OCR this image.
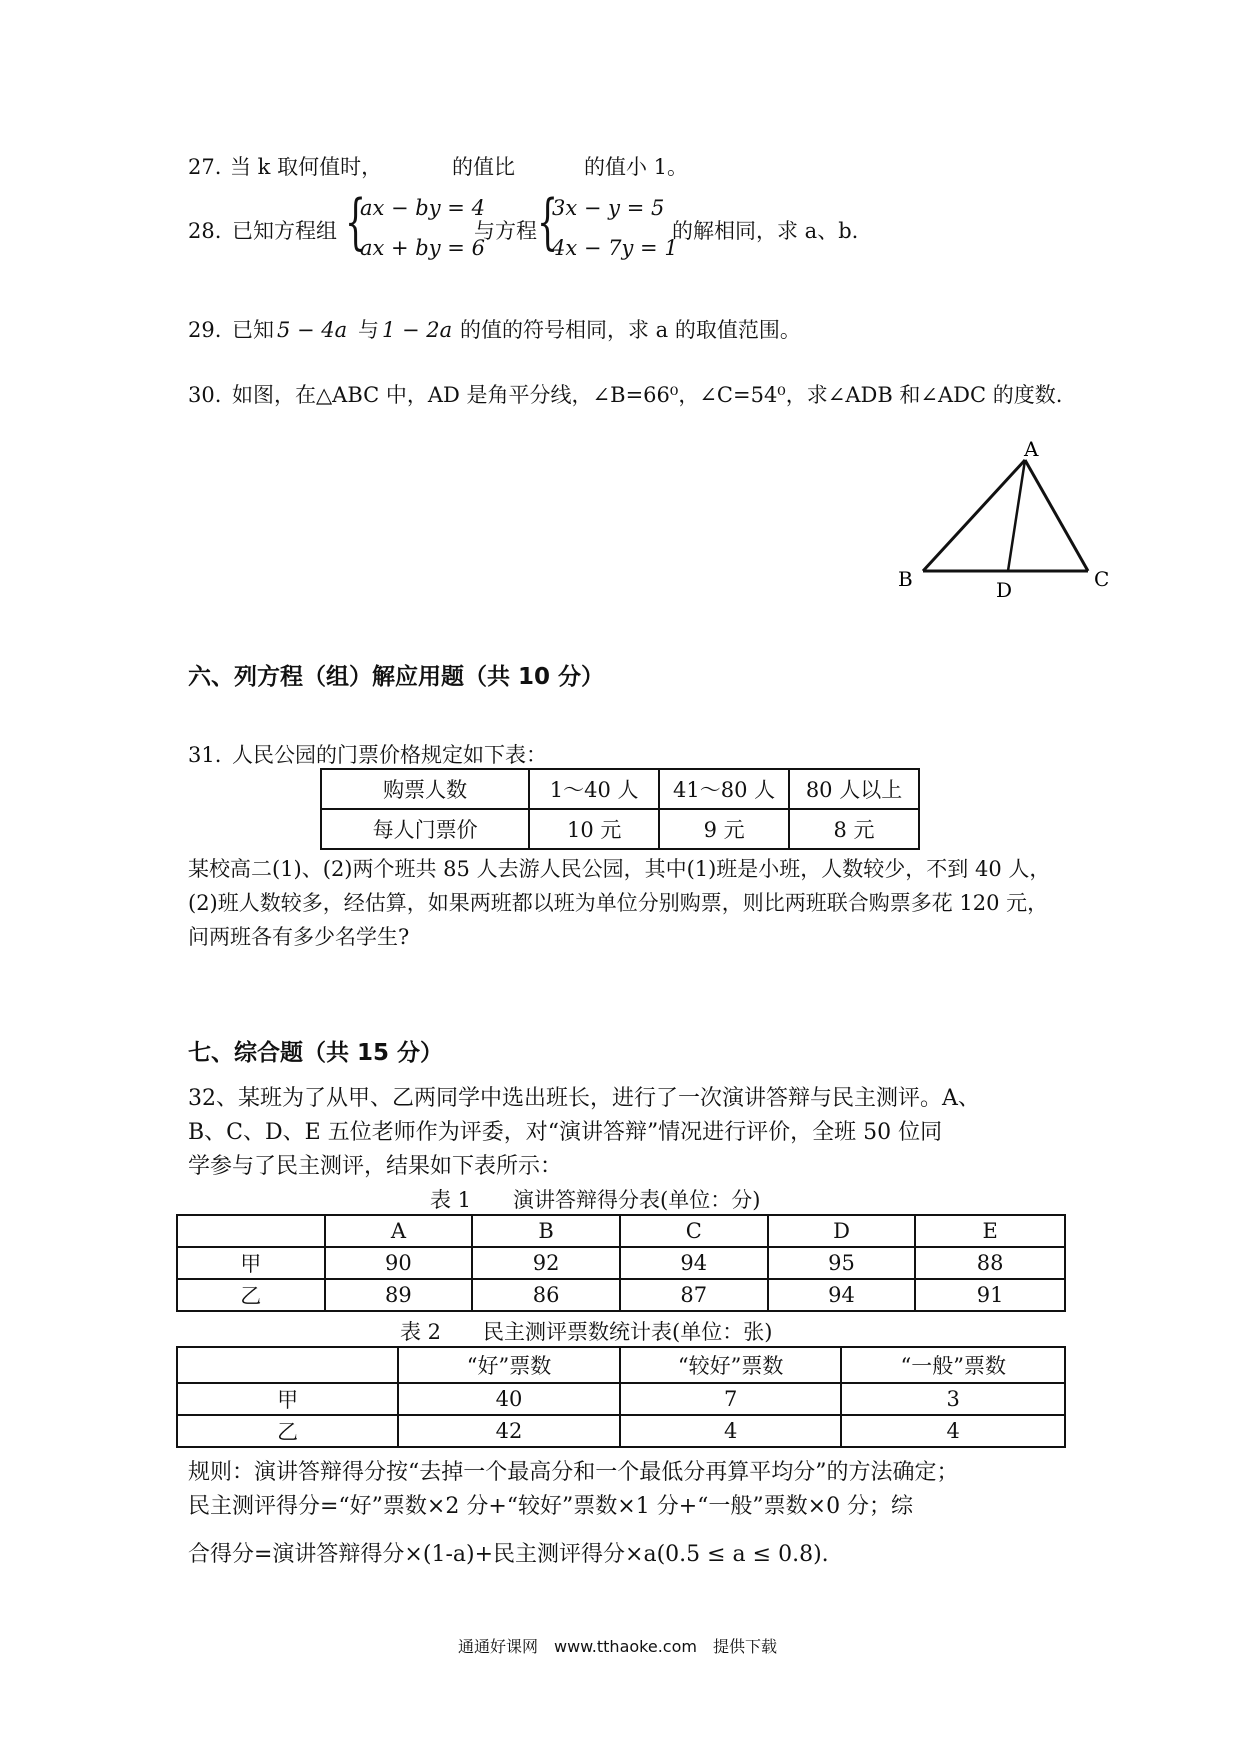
27. 当 k 取何值时，	的值比	的值小 1。
28. 已知方程组 {
ax − by = 4
ax + by = 6
与方程 {
3x − y = 5
4x − 7y = 1
的解相同，求 a、b.
29. 已知 5 − 4a 与 1 − 2a 的值的符号相同，求 a 的取值范围。
30. 如图，在△ABC 中，AD 是角平分线，∠B=66⁰，∠C=54⁰，求∠ADB 和∠ADC 的度数.
A
B	C
D
六、列方程（组）解应用题（共 10 分）
31. 人民公园的门票价格规定如下表：
购票人数	1～40 人	41～80 人	80 人以上
每人门票价	10 元	9 元	8 元
某校高二(1)、(2)两个班共 85 人去游人民公园，其中(1)班是小班，人数较少，不到 40 人，
(2)班人数较多，经估算，如果两班都以班为单位分别购票，则比两班联合购票多花 120 元，
问两班各有多少名学生?
七、综合题（共 15 分）
32、某班为了从甲、乙两同学中选出班长，进行了一次演讲答辩与民主测评。A、
B、C、D、E 五位老师作为评委，对“演讲答辩”情况进行评价，全班 50 位同
学参与了民主测评，结果如下表所示：
表 1　　演讲答辩得分表(单位：分)
	A	B	C	D	E
甲	90	92	94	95	88
乙	89	86	87	94	91
表 2　　民主测评票数统计表(单位：张)
	“好”票数	“较好”票数	“一般”票数
甲	40	7	3
乙	42	4	4
规则：演讲答辩得分按“去掉一个最高分和一个最低分再算平均分”的方法确定；
民主测评得分=“好”票数×2 分+“较好”票数×1 分+“一般”票数×0 分；综
合得分=演讲答辩得分×(1-a)+民主测评得分×a(0.5 ≤ a ≤ 0.8).
通通好课网　www.tthaoke.com　提供下载
